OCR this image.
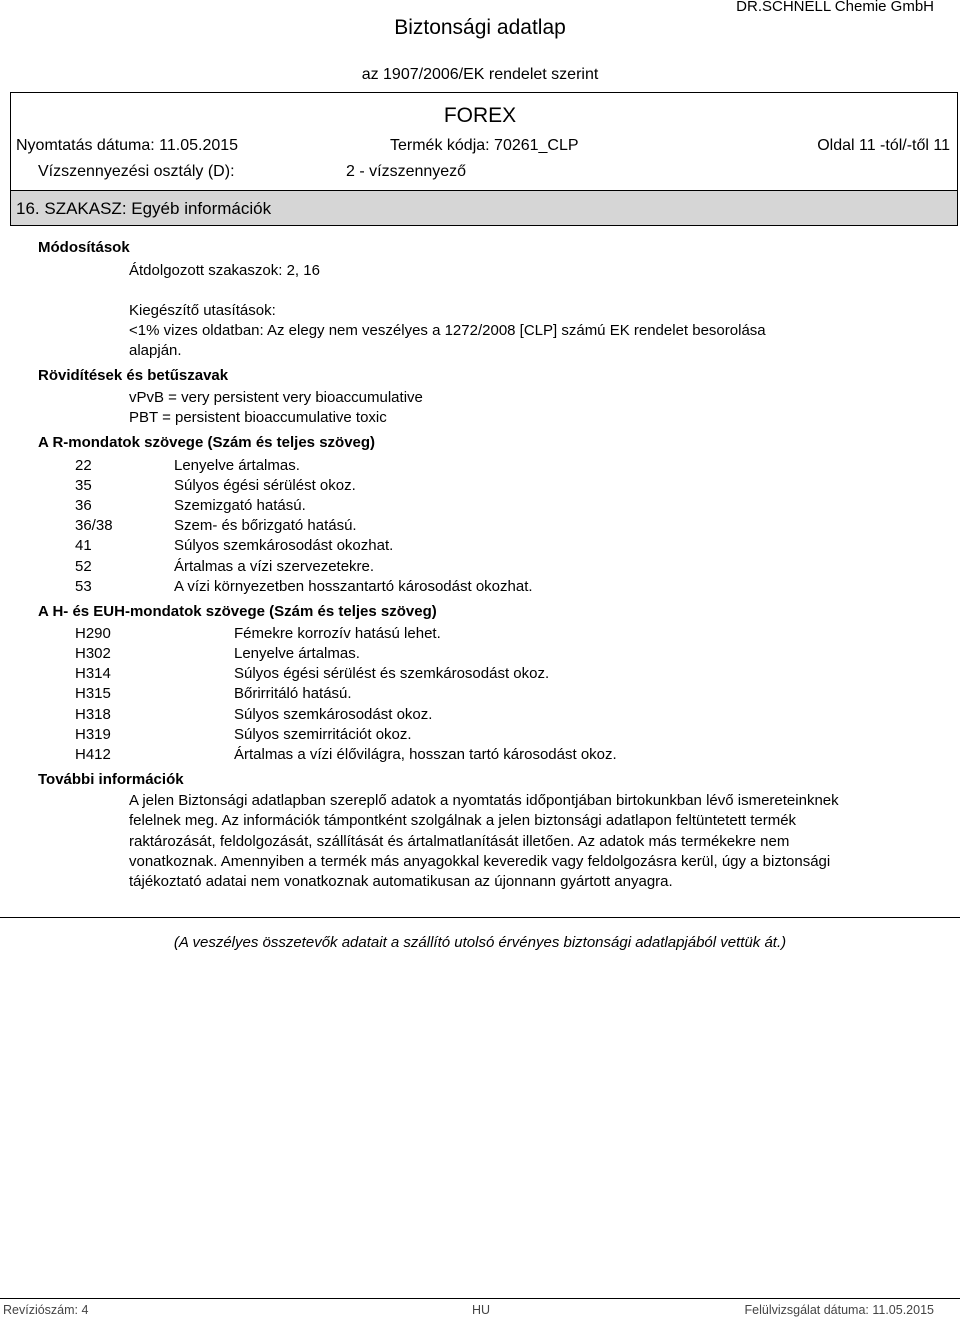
Biztonsági adatlap
DR.SCHNELL Chemie GmbH
az 1907/2006/EK rendelet szerint
FOREX
Nyomtatás dátuma: 11.05.2015	Termék kódja: 70261_CLP	Oldal 11 -tól/-től 11
Vízszennyezési osztály (D):	2 - vízszennyező
16. SZAKASZ: Egyéb információk
Módosítások
Átdolgozott szakaszok: 2, 16
Kiegészítő utasítások:
<1% vizes oldatban: Az elegy nem veszélyes a 1272/2008 [CLP] számú EK rendelet besorolása
alapján.
Rövidítések és betűszavak
vPvB = very persistent very bioaccumulative
PBT = persistent bioaccumulative toxic
A R-mondatok szövege (Szám és teljes szöveg)
22	Lenyelve ártalmas.
35	Súlyos égési sérülést okoz.
36	Szemizgató hatású.
36/38	Szem- és bőrizgató hatású.
41	Súlyos szemkárosodást okozhat.
52	Ártalmas a vízi szervezetekre.
53	A vízi környezetben hosszantartó károsodást okozhat.
A H- és EUH-mondatok szövege (Szám és teljes szöveg)
H290	Fémekre korrozív hatású lehet.
H302	Lenyelve ártalmas.
H314	Súlyos égési sérülést és szemkárosodást okoz.
H315	Bőrirritáló hatású.
H318	Súlyos szemkárosodást okoz.
H319	Súlyos szemirritációt okoz.
H412	Ártalmas a vízi élővilágra, hosszan tartó károsodást okoz.
További információk
A jelen Biztonsági adatlapban szereplő adatok a nyomtatás időpontjában birtokunkban lévő ismereteinknek felelnek meg. Az információk támpontként szolgálnak a jelen biztonsági adatlapon feltüntetett termék raktározását, feldolgozását, szállítását és ártalmatlanítását illetően. Az adatok más termékekre nem vonatkoznak. Amennyiben a termék más anyagokkal keveredik vagy feldolgozásra kerül, úgy a biztonsági tájékoztató adatai nem vonatkoznak automatikusan az újonnann gyártott anyagra.
(A veszélyes összetevők adatait a szállító utolsó érvényes biztonsági adatlapjából vettük át.)
Revíziószám: 4	HU	Felülvizsgálat dátuma: 11.05.2015
